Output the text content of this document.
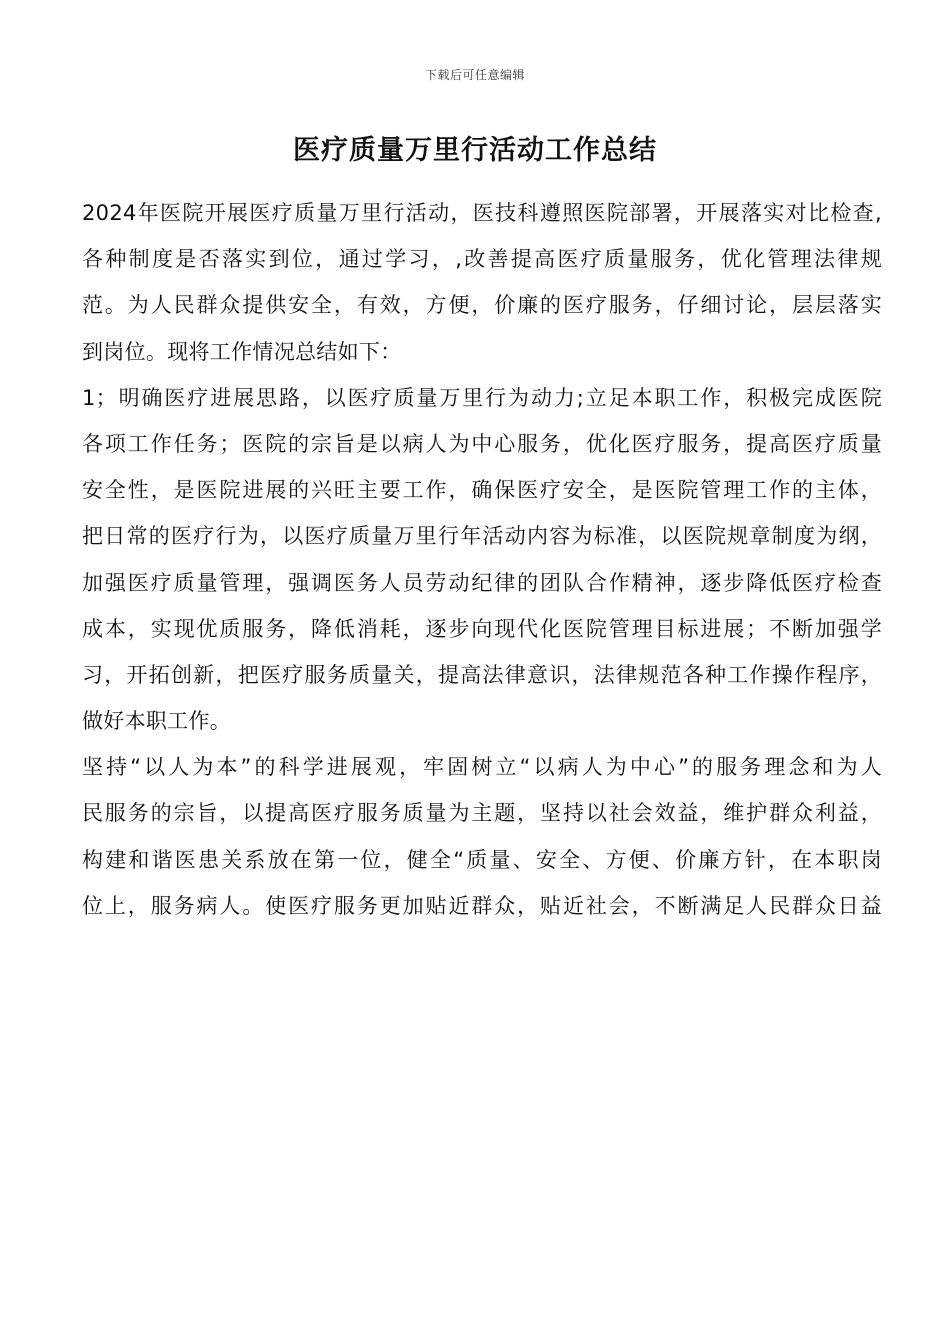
下载后可任意编辑
医疗质量万里行活动工作总结
2024年医院开展医疗质量万里行活动，医技科遵照医院部署，开展落实对比检查,
各种制度是否落实到位，通过学习，,改善提高医疗质量服务，优化管理法律规
范。为人民群众提供安全，有效，方便，价廉的医疗服务，仔细讨论，层层落实
到岗位。现将工作情况总结如下：
1；明确医疗进展思路，以医疗质量万里行为动力;立足本职工作，积极完成医院
各项工作任务；医院的宗旨是以病人为中心服务，优化医疗服务，提高医疗质量
安全性，是医院进展的兴旺主要工作，确保医疗安全，是医院管理工作的主体，
把日常的医疗行为，以医疗质量万里行年活动内容为标准，以医院规章制度为纲，
加强医疗质量管理，强调医务人员劳动纪律的团队合作精神，逐步降低医疗检查
成本，实现优质服务，降低消耗，逐步向现代化医院管理目标进展；不断加强学
习，开拓创新，把医疗服务质量关，提高法律意识，法律规范各种工作操作程序，
做好本职工作。
坚持“以人为本”的科学进展观，牢固树立“以病人为中心”的服务理念和为人
民服务的宗旨，以提高医疗服务质量为主题，坚持以社会效益，维护群众利益，
构建和谐医患关系放在第一位，健全“质量、安全、方便、价廉方针，在本职岗
位上，服务病人。使医疗服务更加贴近群众，贴近社会，不断满足人民群众日益
